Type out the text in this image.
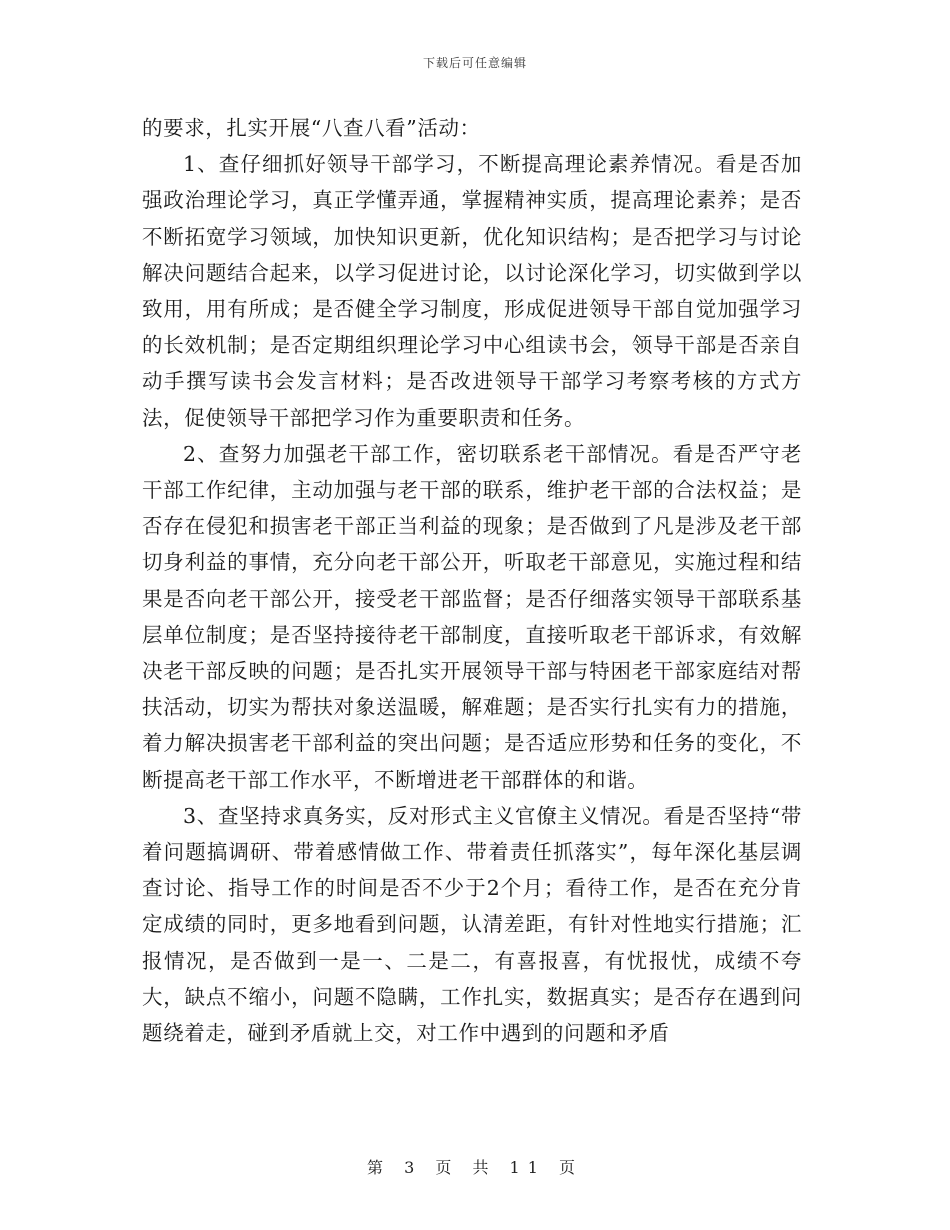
下载后可任意编辑

的要求，扎实开展“八查八看”活动：

1、查仔细抓好领导干部学习，不断提高理论素养情况。看是否加强政治理论学习，真正学懂弄通，掌握精神实质，提高理论素养；是否不断拓宽学习领域，加快知识更新，优化知识结构；是否把学习与讨论解决问题结合起来，以学习促进讨论，以讨论深化学习，切实做到学以致用，用有所成；是否健全学习制度，形成促进领导干部自觉加强学习的长效机制；是否定期组织理论学习中心组读书会，领导干部是否亲自动手撰写读书会发言材料；是否改进领导干部学习考察考核的方式方法，促使领导干部把学习作为重要职责和任务。

2、查努力加强老干部工作，密切联系老干部情况。看是否严守老干部工作纪律，主动加强与老干部的联系，维护老干部的合法权益；是否存在侵犯和损害老干部正当利益的现象；是否做到了凡是涉及老干部切身利益的事情，充分向老干部公开，听取老干部意见，实施过程和结果是否向老干部公开，接受老干部监督；是否仔细落实领导干部联系基层单位制度；是否坚持接待老干部制度，直接听取老干部诉求，有效解决老干部反映的问题；是否扎实开展领导干部与特困老干部家庭结对帮扶活动，切实为帮扶对象送温暖，解难题；是否实行扎实有力的措施，着力解决损害老干部利益的突出问题；是否适应形势和任务的变化，不断提高老干部工作水平，不断增进老干部群体的和谐。

3、查坚持求真务实，反对形式主义官僚主义情况。看是否坚持“带着问题搞调研、带着感情做工作、带着责任抓落实”，每年深化基层调查讨论、指导工作的时间是否不少于2个月；看待工作，是否在充分肯定成绩的同时，更多地看到问题，认清差距，有针对性地实行措施；汇报情况，是否做到一是一、二是二，有喜报喜，有忧报忧，成绩不夸大，缺点不缩小，问题不隐瞒，工作扎实，数据真实；是否存在遇到问题绕着走，碰到矛盾就上交，对工作中遇到的问题和矛盾

第 3 页 共 11 页
